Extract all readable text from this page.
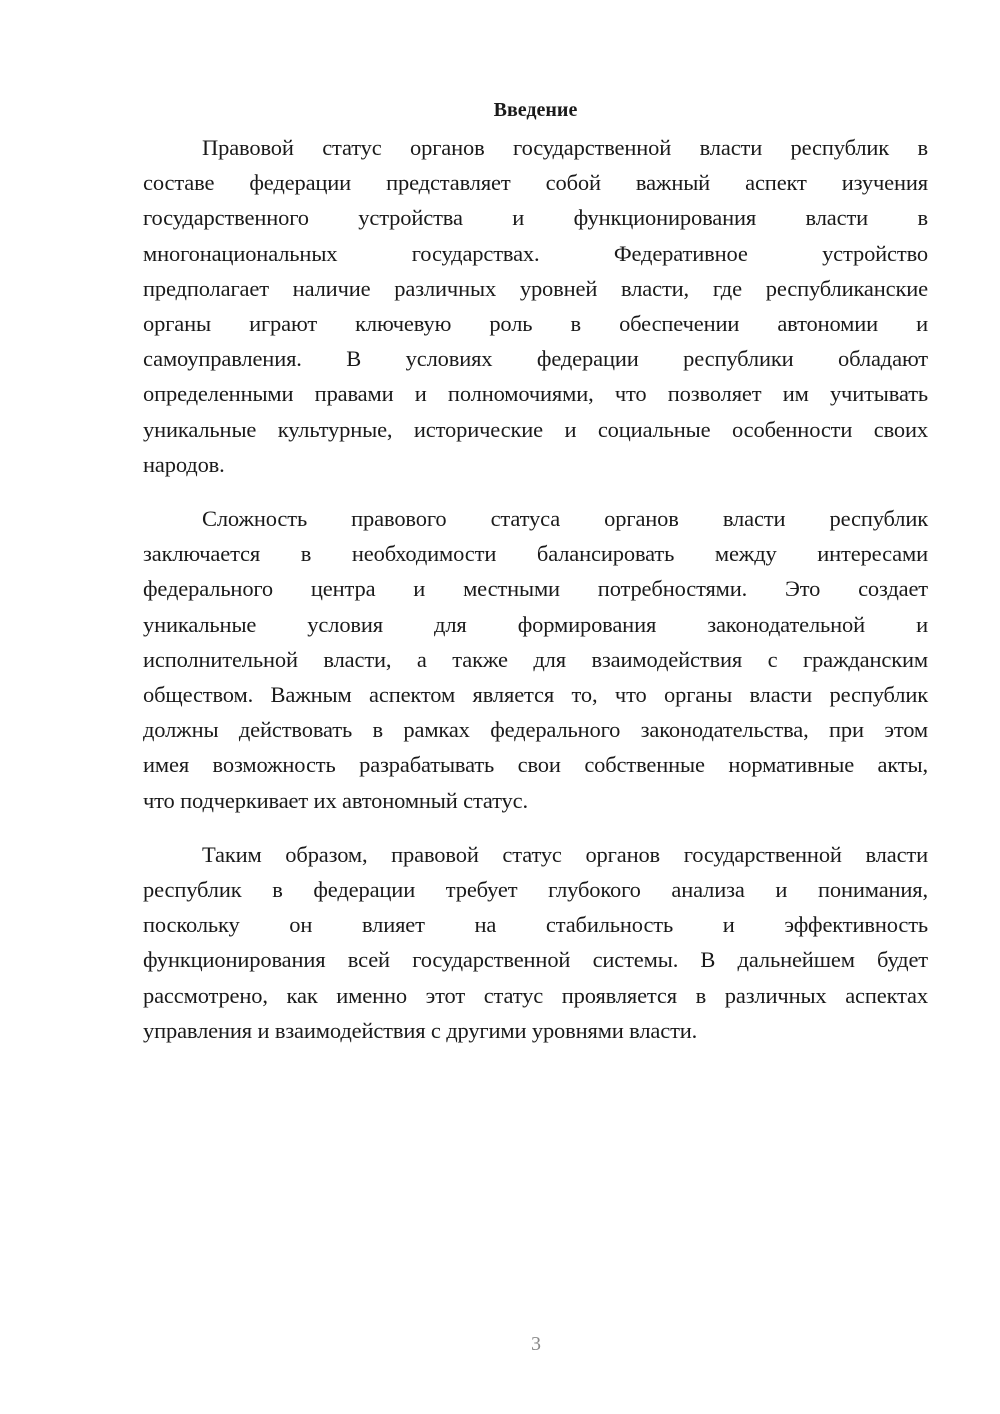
Введение
Правовой статус органов государственной власти республик в
составе федерации представляет собой важный аспект изучения
государственного устройства и функционирования власти в
многонациональных государствах. Федеративное устройство
предполагает наличие различных уровней власти, где республиканские
органы играют ключевую роль в обеспечении автономии и
самоуправления. В условиях федерации республики обладают
определенными правами и полномочиями, что позволяет им учитывать
уникальные культурные, исторические и социальные особенности своих
народов.
Сложность правового статуса органов власти республик
заключается в необходимости балансировать между интересами
федерального центра и местными потребностями. Это создает
уникальные условия для формирования законодательной и
исполнительной власти, а также для взаимодействия с гражданским
обществом. Важным аспектом является то, что органы власти республик
должны действовать в рамках федерального законодательства, при этом
имея возможность разрабатывать свои собственные нормативные акты,
что подчеркивает их автономный статус.
Таким образом, правовой статус органов государственной власти
республик в федерации требует глубокого анализа и понимания,
поскольку он влияет на стабильность и эффективность
функционирования всей государственной системы. В дальнейшем будет
рассмотрено, как именно этот статус проявляется в различных аспектах
управления и взаимодействия с другими уровнями власти.
3
